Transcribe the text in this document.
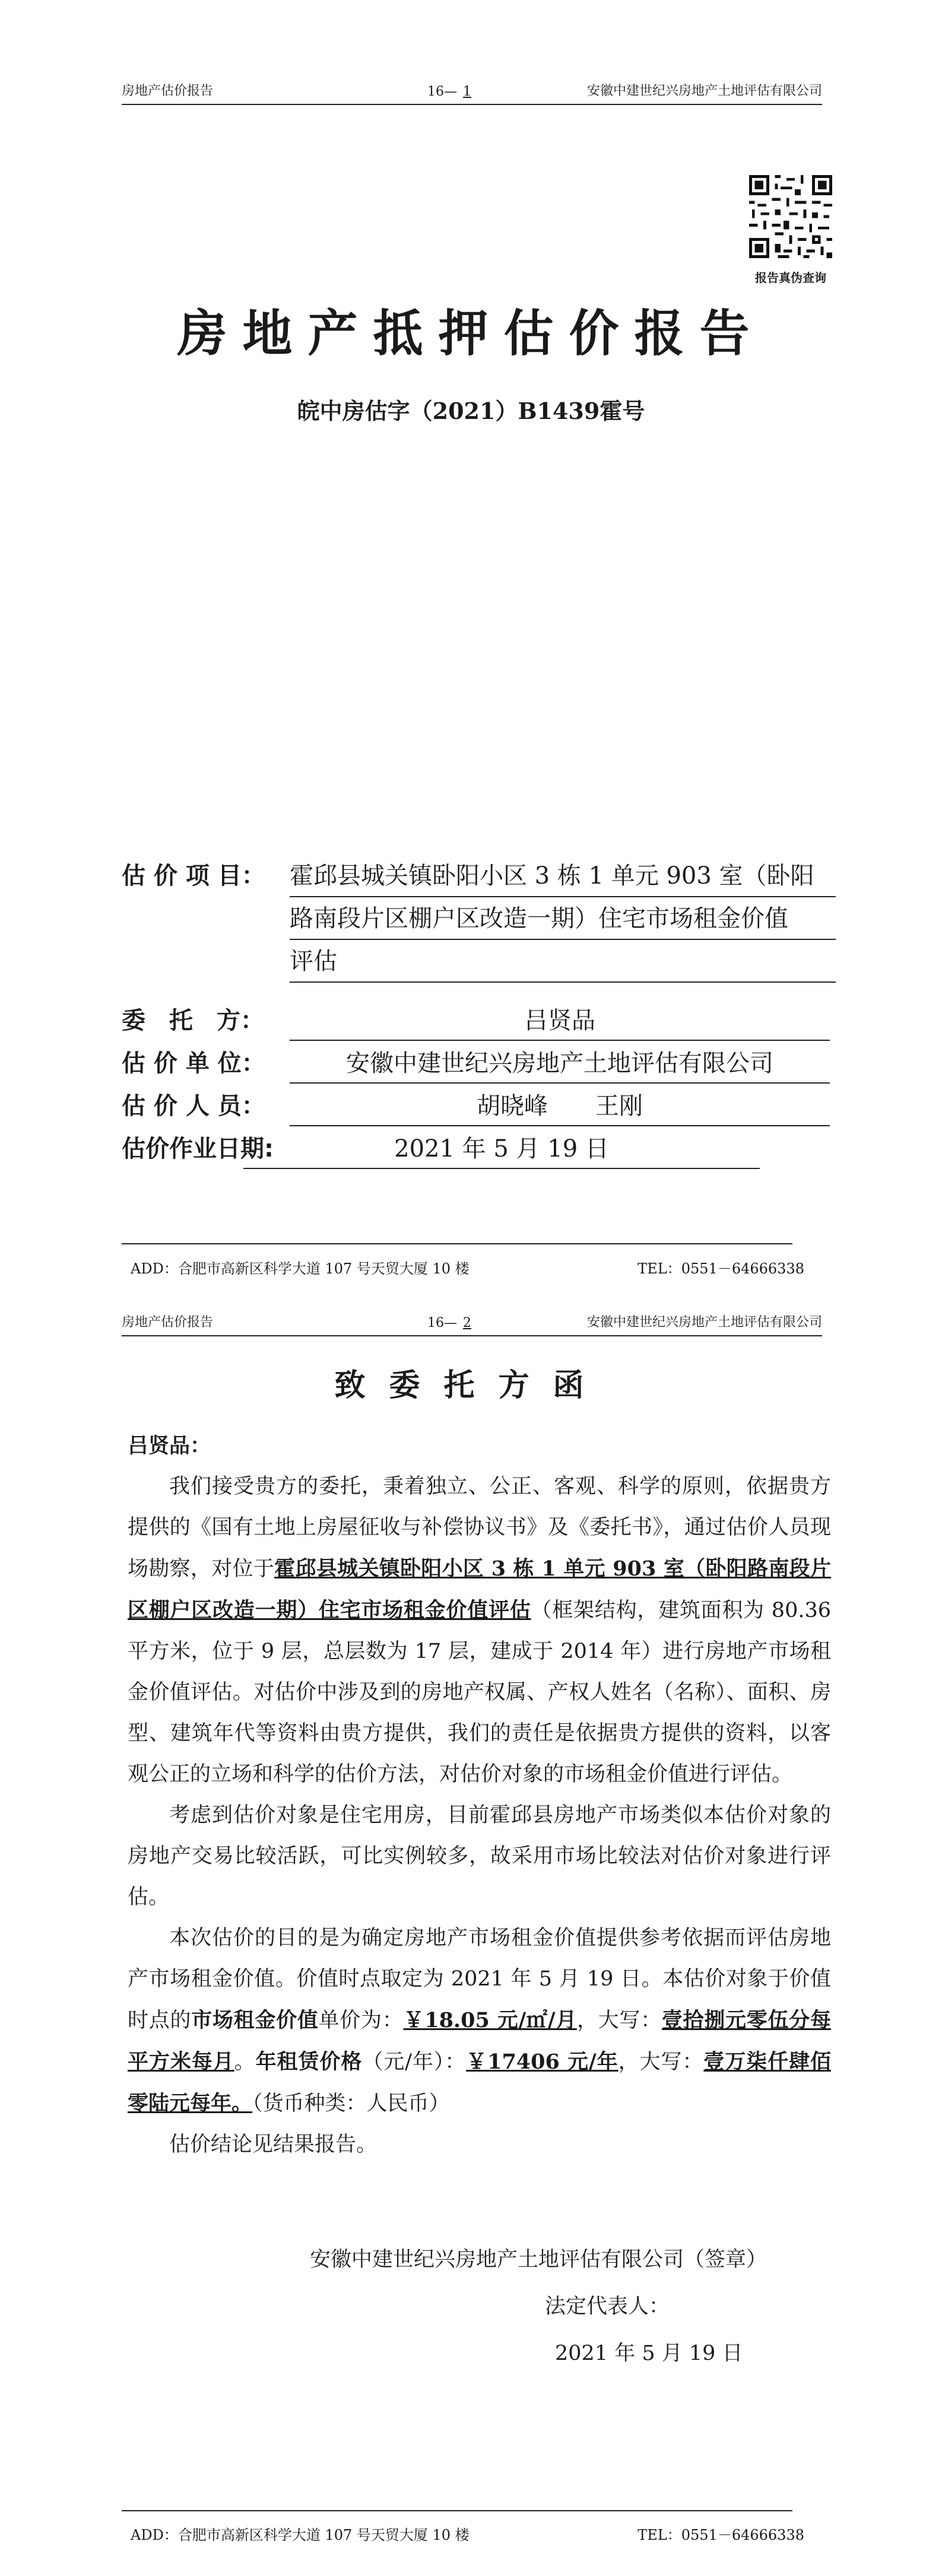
房地产估价报告	16— 1	安徽中建世纪兴房地产土地评估有限公司
报告真伪查询
房地产抵押估价报告
皖中房估字（2021）B1439霍号
估 价 项 目： 霍邱县城关镇卧阳小区 3 栋 1 单元 903 室（卧阳
路南段片区棚户区改造一期）住宅市场租金价值
评估
委　托　方：	吕贤品
估 价 单 位：	安徽中建世纪兴房地产土地评估有限公司
估 价 人 员：	胡晓峰　　王刚
估价作业日期:	2021 年 5 月 19 日
ADD：合肥市高新区科学大道 107 号天贸大厦 10 楼	TEL：0551－64666338
房地产估价报告	16— 2	安徽中建世纪兴房地产土地评估有限公司
致委托方函

吕贤品：

我们接受贵方的委托，秉着独立、公正、客观、科学的原则，依据贵方提供的《国有土地上房屋征收与补偿协议书》及《委托书》，通过估价人员现场勘察，对位于霍邱县城关镇卧阳小区 3 栋 1 单元 903 室（卧阳路南段片区棚户区改造一期）住宅市场租金价值评估（框架结构，建筑面积为 80.36 平方米，位于 9 层，总层数为 17 层，建成于 2014 年）进行房地产市场租金价值评估。对估价中涉及到的房地产权属、产权人姓名（名称）、面积、房型、建筑年代等资料由贵方提供，我们的责任是依据贵方提供的资料，以客观公正的立场和科学的估价方法，对估价对象的市场租金价值进行评估。

考虑到估价对象是住宅用房，目前霍邱县房地产市场类似本估价对象的房地产交易比较活跃，可比实例较多，故采用市场比较法对估价对象进行评估。

本次估价的目的是为确定房地产市场租金价值提供参考依据而评估房地产市场租金价值。价值时点取定为 2021 年 5 月 19 日。本估价对象于价值时点的市场租金价值单价为：￥18.05 元/㎡/月，大写：壹拾捌元零伍分每平方米每月。年租赁价格（元/年）：￥17406 元/年，大写：壹万柒仟肆佰零陆元每年。（货币种类：人民币）

估价结论见结果报告。

安徽中建世纪兴房地产土地评估有限公司（签章）
法定代表人：
2021 年 5 月 19 日
ADD：合肥市高新区科学大道 107 号天贸大厦 10 楼	TEL：0551－64666338
